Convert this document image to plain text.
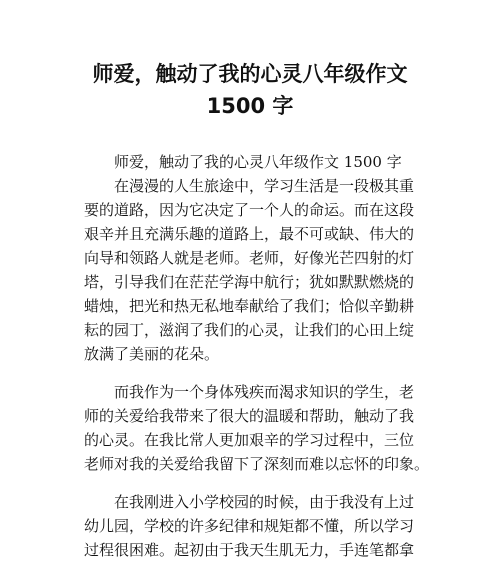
师爱，触动了我的心灵八年级作文
1500 字
师爱，触动了我的心灵八年级作文 1500 字
在漫漫的人生旅途中，学习生活是一段极其重
要的道路，因为它决定了一个人的命运。而在这段
艰辛并且充满乐趣的道路上，最不可或缺、伟大的
向导和领路人就是老师。老师，好像光芒四射的灯
塔，引导我们在茫茫学海中航行；犹如默默燃烧的
蜡烛，把光和热无私地奉献给了我们；恰似辛勤耕
耘的园丁，滋润了我们的心灵，让我们的心田上绽
放满了美丽的花朵。
而我作为一个身体残疾而渴求知识的学生，老
师的关爱给我带来了很大的温暖和帮助，触动了我
的心灵。在我比常人更加艰辛的学习过程中，三位
老师对我的关爱给我留下了深刻而难以忘怀的印象。
在我刚进入小学校园的时候，由于我没有上过
幼儿园，学校的许多纪律和规矩都不懂，所以学习
过程很困难。起初由于我天生肌无力，手连笔都拿
